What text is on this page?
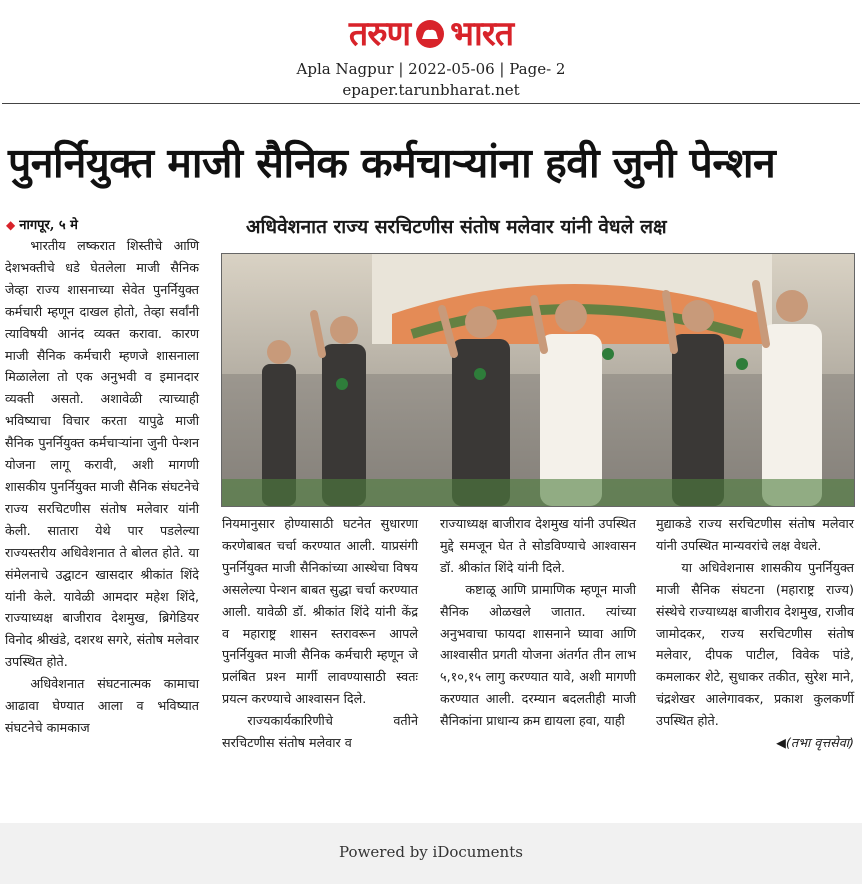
तरुण भारत
Apla Nagpur | 2022-05-06 | Page- 2
epaper.tarunbharat.net
पुनर्नियुक्त माजी सैनिक कर्मचाऱ्यांना हवी जुनी पेन्शन
अधिवेशनात राज्य सरचिटणीस संतोष मलेवार यांनी वेधले लक्ष
◆ नागपूर, ५ मे

भारतीय लष्करात शिस्तीचे आणि देशभक्तीचे धडे घेतलेला माजी सैनिक जेव्हा राज्य शासनाच्या सेवेत पुनर्नियुक्त कर्मचारी म्हणून दाखल होतो, तेव्हा सर्वांनी त्याविषयी आनंद व्यक्त करावा. कारण माजी सैनिक कर्मचारी म्हणजे शासनाला मिळालेला तो एक अनुभवी व इमानदार व्यक्ती असतो. अशावेळी त्याच्याही भविष्याचा विचार करता यापुढे माजी सैनिक पुनर्नियुक्त कर्मचाऱ्यांना जुनी पेन्शन योजना लागू करावी, अशी मागणी शासकीय पुनर्नियुक्त माजी सैनिक संघटनेचे राज्य सरचिटणीस संतोष मलेवार यांनी केली. सातारा येथे पार पडलेल्या राज्यस्तरीय अधिवेशनात ते बोलत होते. या संमेलनाचे उद्घाटन खासदार श्रीकांत शिंदे यांनी केले. यावेळी आमदार महेश शिंदे, राज्याध्यक्ष बाजीराव देशमुख, ब्रिगेडियर विनोद श्रीखंडे, दशरथ सगरे, संतोष मलेवार उपस्थित होते.

अधिवेशनात संघटनात्मक कामाचा आढावा घेण्यात आला व भविष्यात संघटनेचे कामकाज

नियमानुसार होण्यासाठी घटनेत सुधारणा करणेबाबत चर्चा करण्यात आली. याप्रसंगी पुनर्नियुक्त माजी सैनिकांच्या आस्थेचा विषय असलेल्या पेन्शन बाबत सुद्धा चर्चा करण्यात आली. यावेळी डॉ. श्रीकांत शिंदे यांनी केंद्र व महाराष्ट्र शासन स्तरावरून आपले पुनर्नियुक्त माजी सैनिक कर्मचारी म्हणून जे प्रलंबित प्रश्‍न मार्गी लावण्यासाठी स्वतः प्रयत्न करण्याचे आश्वासन दिले.

राज्यकार्यकारिणीचे वतीने सरचिटणीस संतोष मलेवार व

राज्याध्यक्ष बाजीराव देशमुख यांनी उपस्थित मुद्दे समजून घेत ते सोडविण्याचे आश्वासन डॉ. श्रीकांत शिंदे यांनी दिले.

कष्टाळू आणि प्रामाणिक म्हणून माजी सैनिक ओळखले जातात. त्यांच्या अनुभवाचा फायदा शासनाने घ्यावा आणि आश्वासीत प्रगती योजना अंतर्गत तीन लाभ ५,१०,१५ लागु करण्यात यावे, अशी मागणी करण्यात आली. दरम्यान बदलतीही माजी सैनिकांना प्राधान्य क्रम द्यायला हवा, याही

मुद्याकडे राज्य सरचिटणीस संतोष मलेवार यांनी उपस्थित मान्यवरांचे लक्ष वेधले.

या अधिवेशनास शासकीय पुनर्नियुक्त माजी सैनिक संघटना (महाराष्ट्र राज्य) संस्थेचे राज्याध्यक्ष बाजीराव देशमुख, राजीव जामोदकर, राज्य सरचिटणीस संतोष मलेवार, दीपक पाटील, विवेक पांडे, कमलाकर शेटे, सुधाकर तकीत, सुरेश माने, चंद्रशेखर आलेगावकर, प्रकाश कुलकर्णी उपस्थित होते.

◀(तभा वृत्तसेवा)
Powered by iDocuments
